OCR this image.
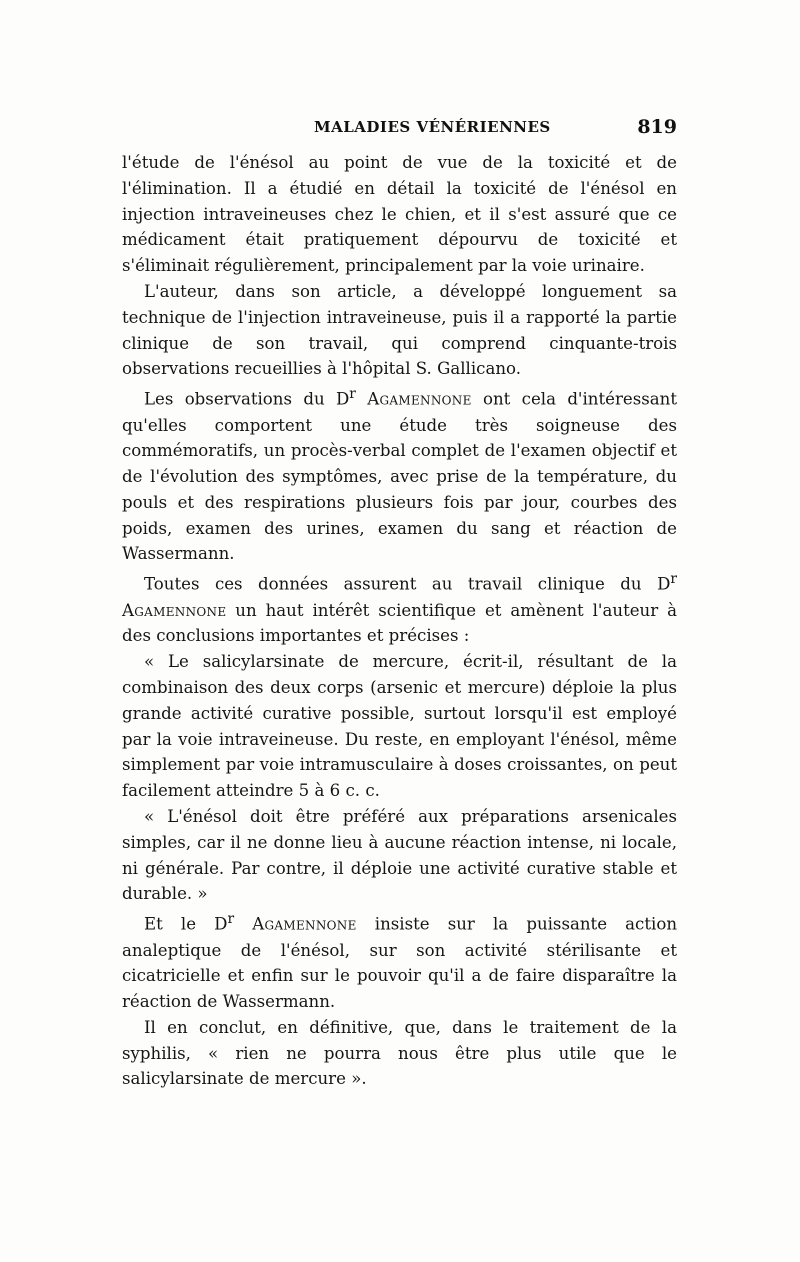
MALADIES VÉNÉRIENNES	819

l'étude de l'énésol au point de vue de la toxicité et de l'élimination. Il a étudié en détail la toxicité de l'énésol en injection intraveineuses chez le chien, et il s'est assuré que ce médicament était pratiquement dépourvu de toxicité et s'éliminait régulièrement, principalement par la voie urinaire.

L'auteur, dans son article, a développé longuement sa technique de l'injection intraveineuse, puis il a rapporté la partie clinique de son travail, qui comprend cinquante-trois observations recueillies à l'hôpital S. Gallicano.

Les observations du $D^r$ Agamennone ont cela d'intéressant qu'elles comportent une étude très soigneuse des commémoratifs, un procès-verbal complet de l'examen objectif et de l'évolution des symptômes, avec prise de la température, du pouls et des respirations plusieurs fois par jour, courbes des poids, examen des urines, examen du sang et réaction de Wassermann.

Toutes ces données assurent au travail clinique du $D^r$ Agamennone un haut intérêt scientifique et amènent l'auteur à des conclusions importantes et précises :

« Le salicylarsinate de mercure, écrit-il, résultant de la combinaison des deux corps (arsenic et mercure) déploie la plus grande activité curative possible, surtout lorsqu'il est employé par la voie intraveineuse. Du reste, en employant l'énésol, même simplement par voie intramusculaire à doses croissantes, on peut facilement atteindre 5 à 6 c. c.

« L'énésol doit être préféré aux préparations arsenicales simples, car il ne donne lieu à aucune réaction intense, ni locale, ni générale. Par contre, il déploie une activité curative stable et durable. »

Et le $D^r$ Agamennone insiste sur la puissante action analeptique de l'énésol, sur son activité stérilisante et cicatricielle et enfin sur le pouvoir qu'il a de faire disparaître la réaction de Wassermann.

Il en conclut, en définitive, que, dans le traitement de la syphilis, « rien ne pourra nous être plus utile que le salicylarsinate de mercure ».
